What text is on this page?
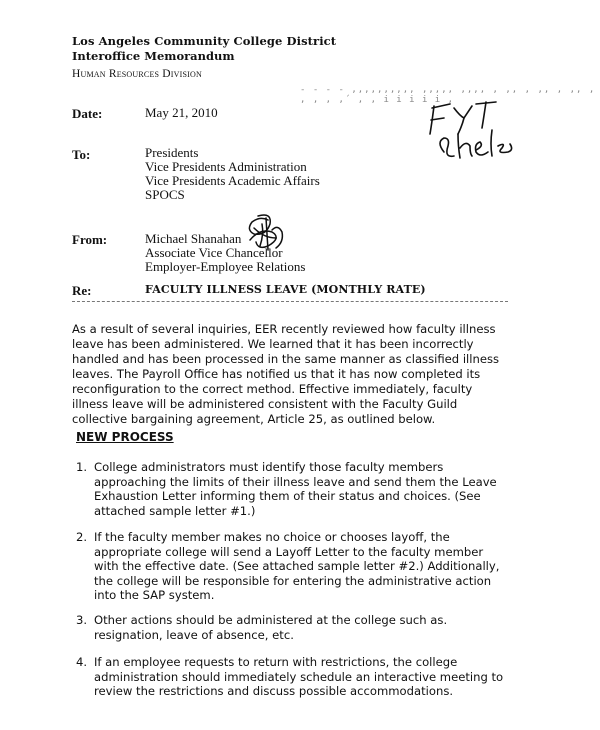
Los Angeles Community College District
Interoffice Memorandum
Human Resources Division
- - - - ,,,,,,,,,, ,,,,, ,,,, , ,, , ,, , ,, , , , , ,´ , , i i i i i ,
Date:	May 21, 2010
To:	Presidents
Vice Presidents Administration
Vice Presidents Academic Affairs
SPOCS
From:	Michael Shanahan
Associate Vice Chancellor
Employer-Employee Relations
Re:	FACULTY ILLNESS LEAVE (MONTHLY RATE)
As a result of several inquiries, EER recently reviewed how faculty illness
leave has been administered. We learned that it has been incorrectly
handled and has been processed in the same manner as classified illness
leaves. The Payroll Office has notified us that it has now completed its
reconfiguration to the correct method. Effective immediately, faculty
illness leave will be administered consistent with the Faculty Guild
collective bargaining agreement, Article 25, as outlined below.
NEW PROCESS
1. College administrators must identify those faculty members
approaching the limits of their illness leave and send them the Leave
Exhaustion Letter informing them of their status and choices. (See
attached sample letter #1.)
2. If the faculty member makes no choice or chooses layoff, the
appropriate college will send a Layoff Letter to the faculty member
with the effective date. (See attached sample letter #2.) Additionally,
the college will be responsible for entering the administrative action
into the SAP system.
3. Other actions should be administered at the college such as.
resignation, leave of absence, etc.
4. If an employee requests to return with restrictions, the college
administration should immediately schedule an interactive meeting to
review the restrictions and discuss possible accommodations.
